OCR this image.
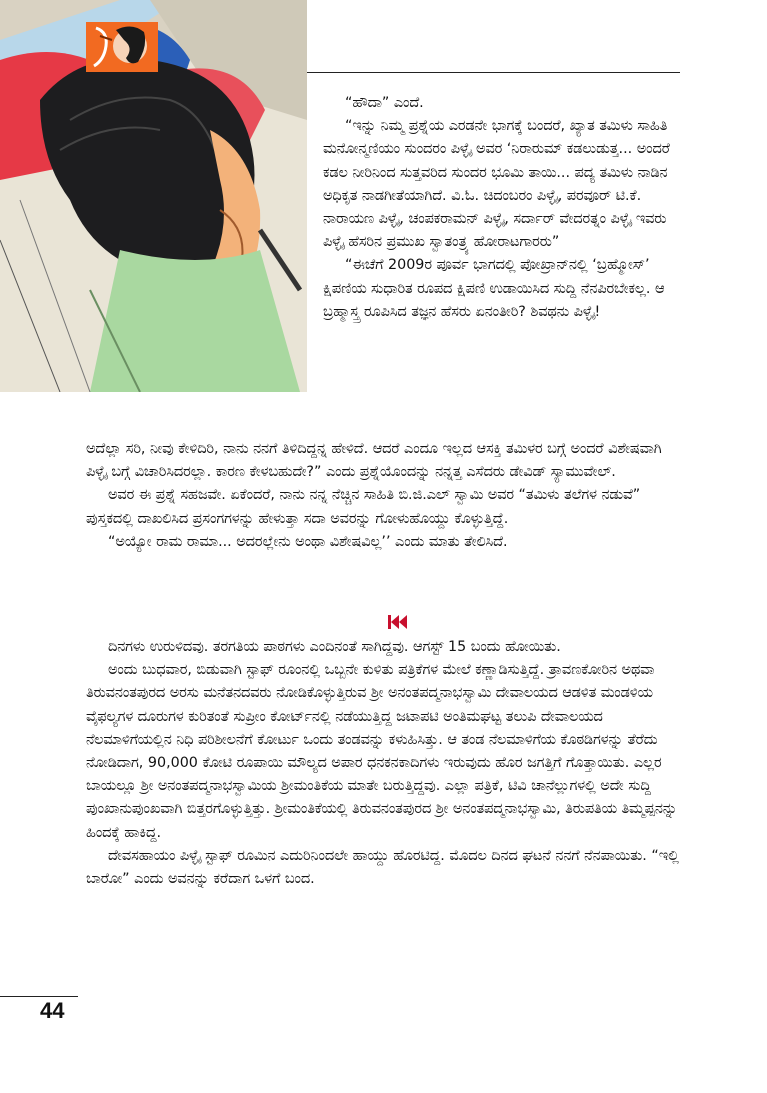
“ಹೌದಾ” ಎಂದೆ.

“ಇನ್ನು ನಿಮ್ಮ ಪ್ರಶ್ನೆಯ ಎರಡನೇ ಭಾಗಕ್ಕೆ ಬಂದರೆ, ಖ್ಯಾತ ತಮಿಳು ಸಾಹಿತಿ ಮನೋನ್ಮಣಿಯಂ ಸುಂದರಂ ಪಿಳ್ಳೈ ಅವರ ‘ನಿರಾರುಮ್ ಕಡಲುಡುತ್ತ... ಅಂದರೆ ಕಡಲ ನೀರಿನಿಂದ ಸುತ್ತವರಿದ ಸುಂದರ ಭೂಮಿ ತಾಯಿ... ಪದ್ಯ ತಮಿಳು ನಾಡಿನ ಅಧಿಕೃತ ನಾಡಗೀತೆಯಾಗಿದೆ. ವಿ.ಓ. ಚಿದಂಬರಂ ಪಿಳ್ಳೈ, ಪರವೂರ್ ಟಿ.ಕೆ. ನಾರಾಯಣ ಪಿಳ್ಳೈ, ಚಂಪಕರಾಮನ್ ಪಿಳ್ಳೈ, ಸರ್ದಾರ್ ವೇದರತ್ನಂ ಪಿಳ್ಳೈ ಇವರು ಪಿಳ್ಳೈ ಹೆಸರಿನ ಪ್ರಮುಖ ಸ್ವಾತಂತ್ರ್ಯ ಹೋರಾಟಗಾರರು”

“ಈಚೆಗೆ 2009ರ ಪೂರ್ವ ಭಾಗದಲ್ಲಿ ಪೋಖ್ರಾನ್‌ನಲ್ಲಿ ‘ಬ್ರಹ್ಮೋಸ್’ ಕ್ಷಿಪಣಿಯ ಸುಧಾರಿತ ರೂಪದ ಕ್ಷಿಪಣಿ ಉಡಾಯಿಸಿದ ಸುದ್ದಿ ನೆನಪಿರಬೇಕಲ್ಲ. ಆ ಬ್ರಹ್ಮಾಸ್ತ್ರ ರೂಪಿಸಿದ ತಜ್ಞನ ಹೆಸರು ಏನಂತೀರಿ? ಶಿವಥನು ಪಿಳ್ಳೈ!

ಅದೆಲ್ಲಾ ಸರಿ, ನೀವು ಕೇಳಿದಿರಿ, ನಾನು ನನಗೆ ತಿಳಿದಿದ್ದನ್ನ ಹೇಳಿದೆ. ಆದರೆ ಎಂದೂ ಇಲ್ಲದ ಆಸಕ್ತಿ ತಮಿಳರ ಬಗ್ಗೆ ಅಂದರೆ ವಿಶೇಷವಾಗಿ ಪಿಳ್ಳೈ ಬಗ್ಗೆ ವಿಚಾರಿಸಿದರಲ್ಲಾ. ಕಾರಣ ಕೇಳಬಹುದೇ?” ಎಂದು ಪ್ರಶ್ನೆಯೊಂದನ್ನು ನನ್ನತ್ತ ಎಸೆದರು ಡೇವಿಡ್ ಸ್ಯಾಮುವೇಲ್.

ಅವರ ಈ ಪ್ರಶ್ನೆ ಸಹಜವೇ. ಏಕೆಂದರೆ, ನಾನು ನನ್ನ ನೆಚ್ಚಿನ ಸಾಹಿತಿ ಬಿ.ಜಿ.ಎಲ್ ಸ್ವಾಮಿ ಅವರ “ತಮಿಳು ತಲೆಗಳ ನಡುವೆ” ಪುಸ್ತಕದಲ್ಲಿ ದಾಖಲಿಸಿದ ಪ್ರಸಂಗಗಳನ್ನು ಹೇಳುತ್ತಾ ಸದಾ ಅವರನ್ನು ಗೋಳುಹೊಯ್ದು ಕೊಳ್ಳುತ್ತಿದ್ದೆ.

“ಅಯ್ಯೋ ರಾಮ ರಾಮಾ... ಅದರಲ್ಲೇನು ಅಂಥಾ ವಿಶೇಷವಿಲ್ಲ’’ ಎಂದು ಮಾತು ತೇಲಿಸಿದೆ.

ದಿನಗಳು ಉರುಳಿದವು. ತರಗತಿಯ ಪಾಠಗಳು ಎಂದಿನಂತೆ ಸಾಗಿದ್ದವು. ಆಗಸ್ಟ್ 15 ಬಂದು ಹೋಯಿತು.

ಅಂದು ಬುಧವಾರ, ಬಿಡುವಾಗಿ ಸ್ಟಾಫ್ ರೂಂನಲ್ಲಿ ಒಬ್ಬನೇ ಕುಳಿತು ಪತ್ರಿಕೆಗಳ ಮೇಲೆ ಕಣ್ಣಾಡಿಸುತ್ತಿದ್ದೆ. ತ್ರಾವಣಕೋರಿನ ಅಥವಾ ತಿರುವನಂತಪುರದ ಅರಸು ಮನೆತನದವರು ನೋಡಿಕೊಳ್ಳುತ್ತಿರುವ ಶ್ರೀ ಅನಂತಪದ್ಮನಾಭಸ್ವಾಮಿ ದೇವಾಲಯದ ಆಡಳಿತ ಮಂಡಳಿಯ ವೈಫಲ್ಯಗಳ ದೂರುಗಳ ಕುರಿತಂತೆ ಸುಪ್ರೀಂ ಕೋರ್ಟ್‌ನಲ್ಲಿ ನಡೆಯುತ್ತಿದ್ದ ಜಟಾಪಟಿ ಅಂತಿಮಘಟ್ಟ ತಲುಪಿ ದೇವಾಲಯದ ನೆಲಮಾಳಿಗೆಯಲ್ಲಿನ ನಿಧಿ ಪರಿಶೀಲನೆಗೆ ಕೋರ್ಟು ಒಂದು ತಂಡವನ್ನು ಕಳುಹಿಸಿತ್ತು. ಆ ತಂಡ ನೆಲಮಾಳಿಗೆಯ ಕೊಠಡಿಗಳನ್ನು ತೆರೆದು ನೋಡಿದಾಗ, 90,000 ಕೋಟಿ ರೂಪಾಯಿ ಮೌಲ್ಯದ ಅಪಾರ ಧನಕನಕಾದಿಗಳು ಇರುವುದು ಹೊರ ಜಗತ್ತಿಗೆ ಗೊತ್ತಾಯಿತು. ಎಲ್ಲರ ಬಾಯಲ್ಲೂ ಶ್ರೀ ಅನಂತಪದ್ಮನಾಭಸ್ವಾಮಿಯ ಶ್ರೀಮಂತಿಕೆಯ ಮಾತೇ ಬರುತ್ತಿದ್ದವು. ಎಲ್ಲಾ ಪತ್ರಿಕೆ, ಟಿವಿ ಚಾನೆಲ್ಲುಗಳಲ್ಲಿ ಅದೇ ಸುದ್ದಿ ಪುಂಖಾನುಪುಂಖವಾಗಿ ಬಿತ್ತರಗೊಳ್ಳುತ್ತಿತ್ತು. ಶ್ರೀಮಂತಿಕೆಯಲ್ಲಿ ತಿರುವನಂತಪುರದ ಶ್ರೀ ಅನಂತಪದ್ಮನಾಭಸ್ವಾಮಿ, ತಿರುಪತಿಯ ತಿಮ್ಮಪ್ಪನನ್ನು ಹಿಂದಕ್ಕೆ ಹಾಕಿದ್ದ.

ದೇವಸಹಾಯಂ ಪಿಳ್ಳೈ ಸ್ಟಾಫ್ ರೂಮಿನ ಎದುರಿನಿಂದಲೇ ಹಾಯ್ದು ಹೊರಟಿದ್ದ. ಮೊದಲ ದಿನದ ಘಟನೆ ನನಗೆ ನೆನಪಾಯಿತು. “ಇಲ್ಲಿ ಬಾರೋ” ಎಂದು ಅವನನ್ನು ಕರೆದಾಗ ಒಳಗೆ ಬಂದ.

44
